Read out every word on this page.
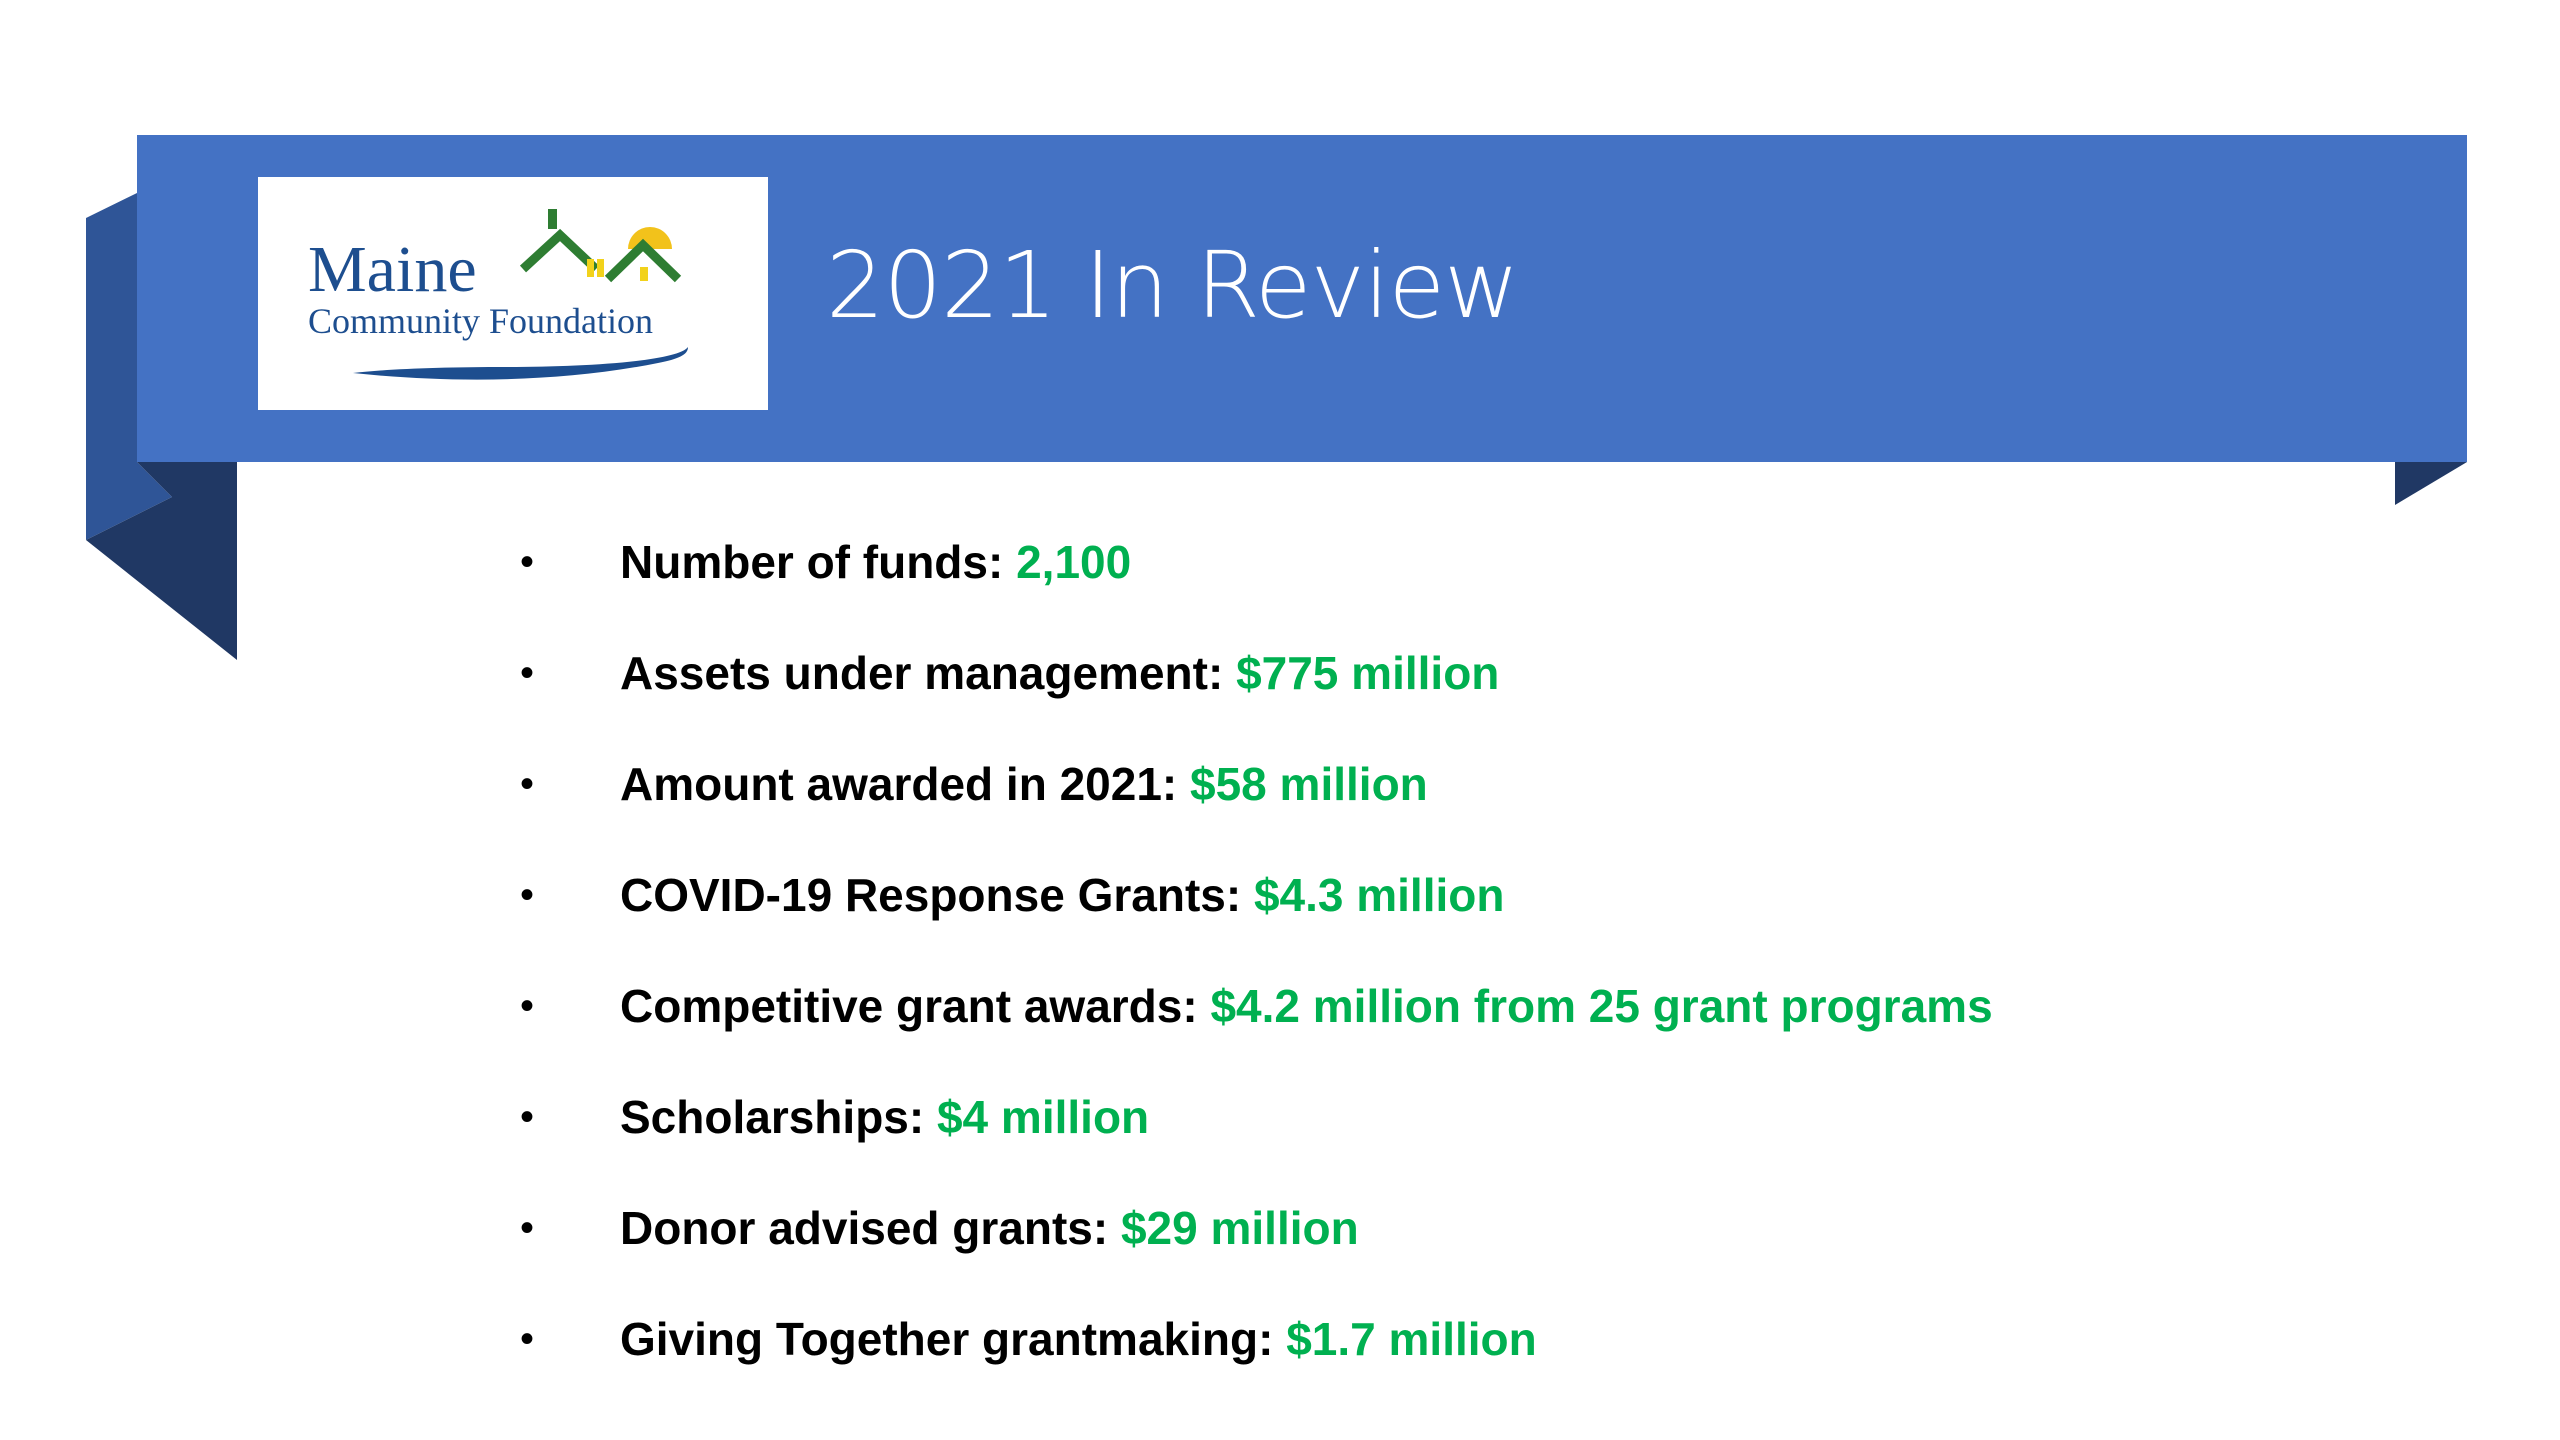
Maine
Community Foundation 2021 In Review
•	Number of funds: 2,100
•	Assets under management: $775 million
•	Amount awarded in 2021: $58 million
•	COVID-19 Response Grants: $4.3 million
•	Competitive grant awards: $4.2 million from 25 grant programs
•	Scholarships: $4 million
•	Donor advised grants: $29 million
•	Giving Together grantmaking: $1.7 million
